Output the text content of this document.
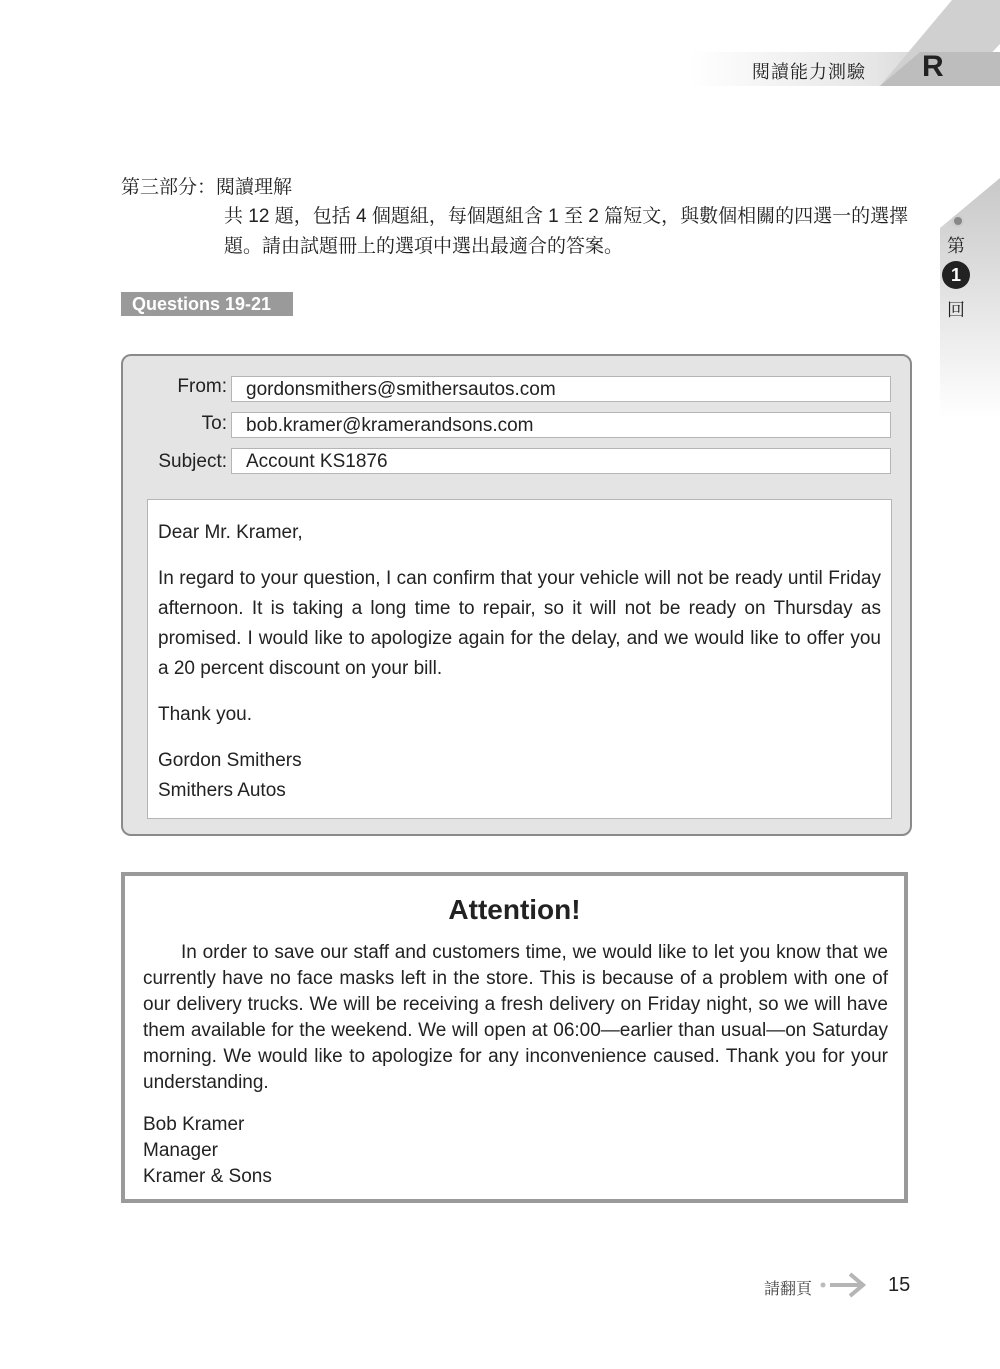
閱讀能力測驗 R
第
1
回
第三部分：閱讀理解
共 12 題，包括 4 個題組，每個題組含 1 至 2 篇短文，與數個相關的四選一的選擇題。請由試題冊上的選項中選出最適合的答案。
Questions 19-21
From:	gordonsmithers@smithersautos.com
To:	bob.kramer@kramerandsons.com
Subject:	Account KS1876

Dear Mr. Kramer,

In regard to your question, I can confirm that your vehicle will not be ready until Friday afternoon. It is taking a long time to repair, so it will not be ready on Thursday as promised. I would like to apologize again for the delay, and we would like to offer you a 20 percent discount on your bill.

Thank you.

Gordon Smithers

Smithers Autos

Attention!
In order to save our staff and customers time, we would like to let you know that we currently have no face masks left in the store. This is because of a problem with one of our delivery trucks. We will be receiving a fresh delivery on Friday night, so we will have them available for the weekend. We will open at 06:00—earlier than usual—on Saturday morning. We would like to apologize for any inconvenience caused. Thank you for your understanding.
Bob Kramer
Manager
Kramer & Sons
請翻頁	15
